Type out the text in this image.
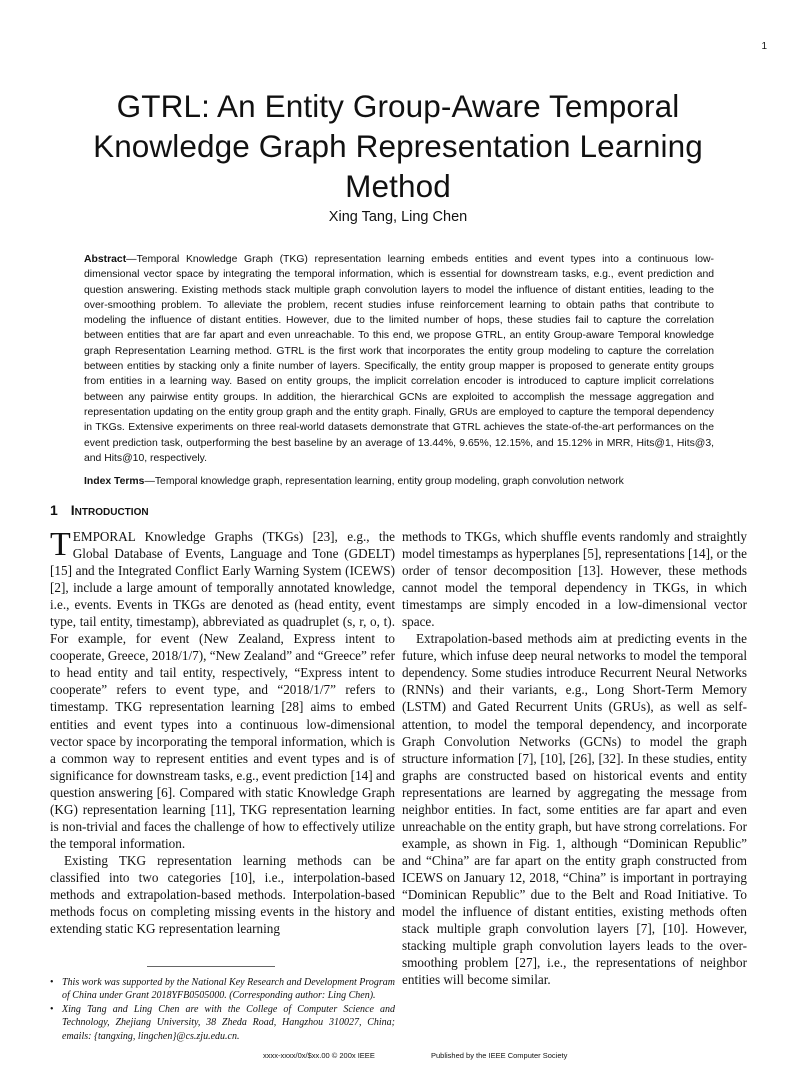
1
GTRL: An Entity Group-Aware Temporal Knowledge Graph Representation Learning Method
Xing Tang, Ling Chen

Abstract—Temporal Knowledge Graph (TKG) representation learning embeds entities and event types into a continuous low-dimensional vector space by integrating the temporal information, which is essential for downstream tasks, e.g., event prediction and question answering. Existing methods stack multiple graph convolution layers to model the influence of distant entities, leading to the over-smoothing problem. To alleviate the problem, recent studies infuse reinforcement learning to obtain paths that contribute to modeling the influence of distant entities. However, due to the limited number of hops, these studies fail to capture the correlation between entities that are far apart and even unreachable. To this end, we propose GTRL, an entity Group-aware Temporal knowledge graph Representation Learning method. GTRL is the first work that incorporates the entity group modeling to capture the correlation between entities by stacking only a finite number of layers. Specifically, the entity group mapper is proposed to generate entity groups from entities in a learning way. Based on entity groups, the implicit correlation encoder is introduced to capture implicit correlations between any pairwise entity groups. In addition, the hierarchical GCNs are exploited to accomplish the message aggregation and representation updating on the entity group graph and the entity graph. Finally, GRUs are employed to capture the temporal dependency in TKGs. Extensive experiments on three real-world datasets demonstrate that GTRL achieves the state-of-the-art performances on the event prediction task, outperforming the best baseline by an average of 13.44%, 9.65%, 12.15%, and 15.12% in MRR, Hits@1, Hits@3, and Hits@10, respectively.

Index Terms—Temporal knowledge graph, representation learning, entity group modeling, graph convolution network

1 Introduction

TEMPORAL Knowledge Graphs (TKGs) [23], e.g., the Global Database of Events, Language and Tone (GDELT) [15] and the Integrated Conflict Early Warning System (ICEWS) [2], include a large amount of temporally annotated knowledge, i.e., events. Events in TKGs are denoted as (head entity, event type, tail entity, timestamp), abbreviated as quadruplet (s, r, o, t). For example, for event (New Zealand, Express intent to cooperate, Greece, 2018/1/7), “New Zealand” and “Greece” refer to head entity and tail entity, respectively, “Express intent to cooperate” refers to event type, and “2018/1/7” refers to timestamp. TKG representation learning [28] aims to embed entities and event types into a continuous low-dimensional vector space by incorporating the temporal information, which is a common way to represent entities and event types and is of significance for downstream tasks, e.g., event prediction [14] and question answering [6]. Compared with static Knowledge Graph (KG) representation learning [11], TKG representation learning is non-trivial and faces the challenge of how to effectively utilize the temporal information.

Existing TKG representation learning methods can be classified into two categories [10], i.e., interpolation-based methods and extrapolation-based methods. Interpolation-based methods focus on completing missing events in the history and extending static KG representation learning

methods to TKGs, which shuffle events randomly and straightly model timestamps as hyperplanes [5], representations [14], or the order of tensor decomposition [13]. However, these methods cannot model the temporal dependency in TKGs, in which timestamps are simply encoded in a low-dimensional vector space.

Extrapolation-based methods aim at predicting events in the future, which infuse deep neural networks to model the temporal dependency. Some studies introduce Recurrent Neural Networks (RNNs) and their variants, e.g., Long Short-Term Memory (LSTM) and Gated Recurrent Units (GRUs), as well as self-attention, to model the temporal dependency, and incorporate Graph Convolution Networks (GCNs) to model the graph structure information [7], [10], [26], [32]. In these studies, entity graphs are constructed based on historical events and entity representations are learned by aggregating the message from neighbor entities. In fact, some entities are far apart and even unreachable on the entity graph, but have strong correlations. For example, as shown in Fig. 1, although “Dominican Republic” and “China” are far apart on the entity graph constructed from ICEWS on January 12, 2018, “China” is important in portraying “Dominican Republic” due to the Belt and Road Initiative. To model the influence of distant entities, existing methods often stack multiple graph convolution layers [7], [10]. However, stacking multiple graph convolution layers leads to the over-smoothing problem [27], i.e., the representations of neighbor entities will become similar.

• This work was supported by the National Key Research and Development Program of China under Grant 2018YFB0505000. (Corresponding author: Ling Chen).
• Xing Tang and Ling Chen are with the College of Computer Science and Technology, Zhejiang University, 38 Zheda Road, Hangzhou 310027, China; emails: {tangxing, lingchen}@cs.zju.edu.cn.
xxxx-xxxx/0x/$xx.00 © 200x IEEE	Published by the IEEE Computer Society
